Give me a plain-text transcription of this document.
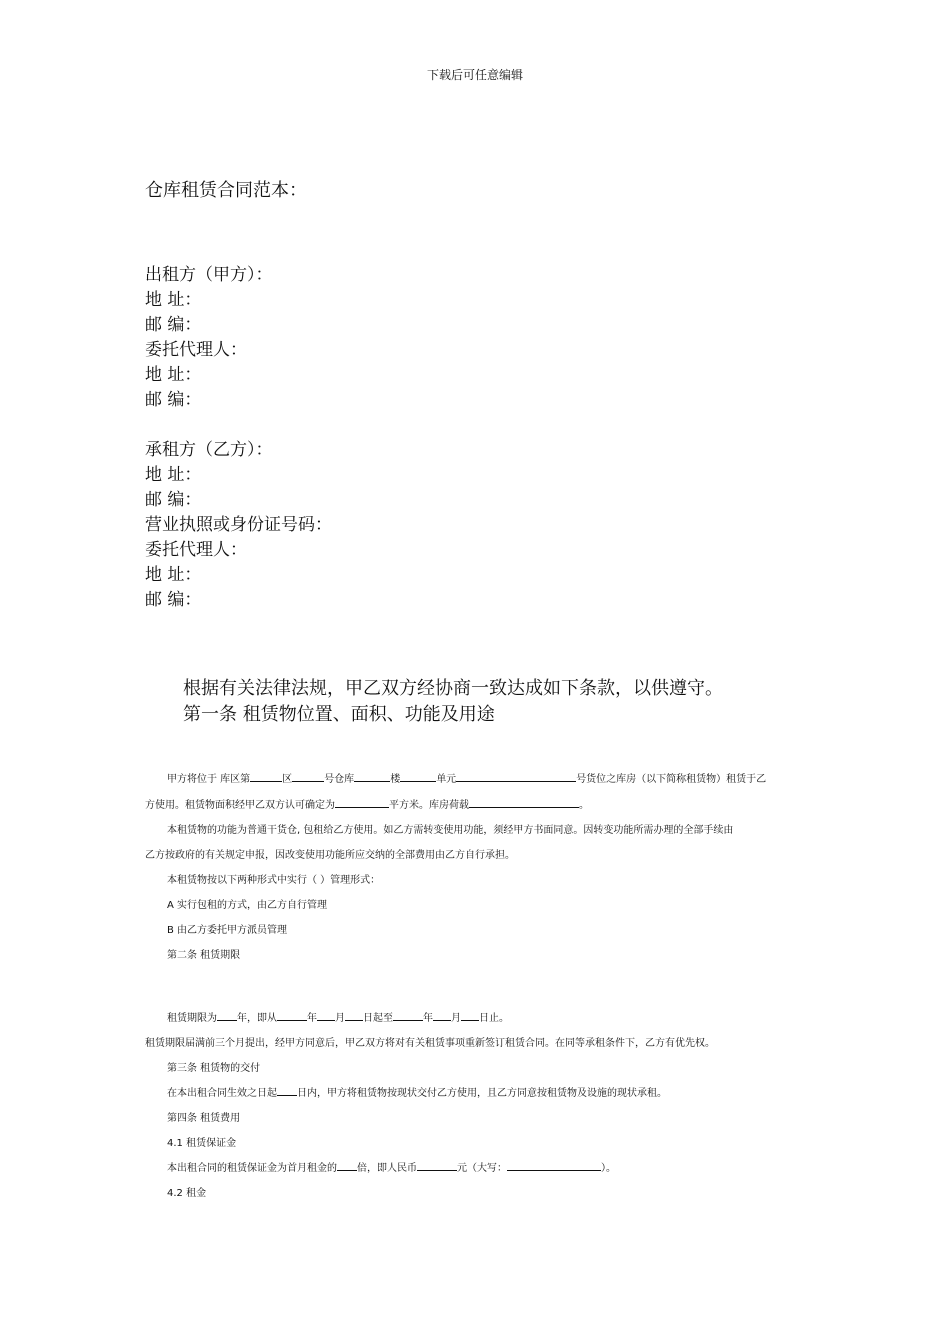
下载后可任意编辑
仓库租赁合同范本：
出租方（甲方）：
地 址：
邮 编：
委托代理人：
地 址：
邮 编：
承租方（乙方）：
地 址：
邮 编：
营业执照或身份证号码：
委托代理人：
地 址：
邮 编：
根据有关法律法规，甲乙双方经协商一致达成如下条款，以供遵守。
第一条 租赁物位置、面积、功能及用途
甲方将位于 库区第	区	号仓库	楼	单元	号货位之库房（以下简称租赁物）租赁于乙
方使用。租赁物面积经甲乙双方认可确定为	平方米。库房荷载	。
本租赁物的功能为普通干货仓, 包租给乙方使用。如乙方需转变使用功能，须经甲方书面同意。因转变功能所需办理的全部手续由
乙方按政府的有关规定申报，因改变使用功能所应交纳的全部费用由乙方自行承担。
本租赁物按以下两种形式中实行（ ）管理形式：
A 实行包租的方式，由乙方自行管理
B 由乙方委托甲方派员管理
第二条 租赁期限
租赁期限为 年，即从	年 月 日起至	年 月 日止。
租赁期限届满前三个月提出，经甲方同意后，甲乙双方将对有关租赁事项重新签订租赁合同。在同等承租条件下，乙方有优先权。
第三条 租赁物的交付
在本出租合同生效之日起 日内，甲方将租赁物按现状交付乙方使用，且乙方同意按租赁物及设施的现状承租。
第四条 租赁费用
4.1 租赁保证金
本出租合同的租赁保证金为首月租金的 倍，即人民币	元（大写：	）。
4.2 租金
